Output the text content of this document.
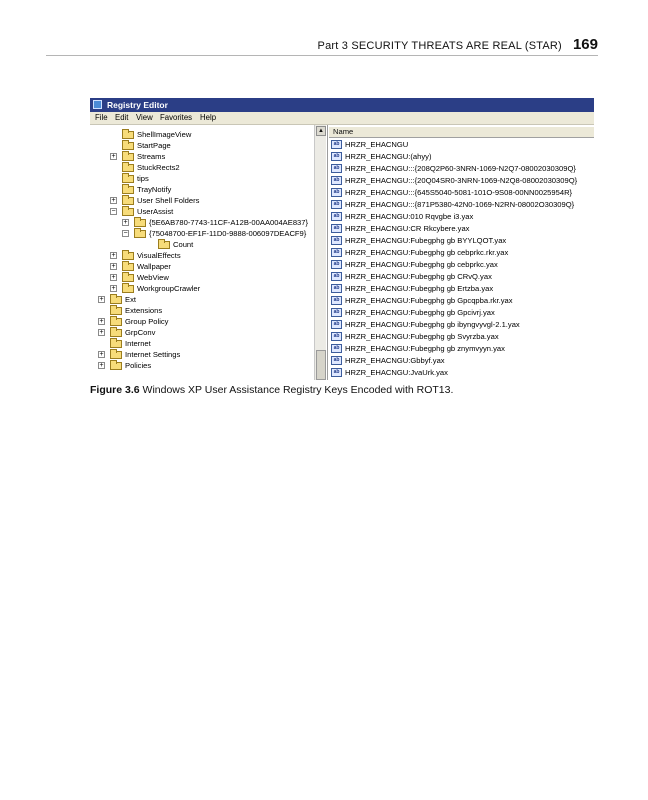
Part 3 SECURITY THREATS ARE REAL (STAR) 169
Registry Editor
File Edit View Favorites Help
ShellImageView
StartPage
+	Streams
StuckRects2
tips
TrayNotify
+	User Shell Folders
−	UserAssist
+	{5E6AB780-7743-11CF-A12B-00AA004AE837}
−	{75048700-EF1F-11D0-9888-006097DEACF9}
Count
+	VisualEffects
+	Wallpaper
+	WebView
+	WorkgroupCrawler
+	Ext
Extensions
+	Group Policy
+	GrpConv
Internet
+	Internet Settings
+	Policies
▲ Name
ab HRZR_EHACNGU
ab HRZR_EHACNGU:(ahyy)
ab HRZR_EHACNGU:::{208Q2P60-3NRN-1069-N2Q7-08002030309Q}
ab HRZR_EHACNGU:::{20Q04SR0-3NRN-1069-N2Q8-08002030309Q}
ab HRZR_EHACNGU:::{645S5040-5081-101O-9S08-00NN0025954R}
ab HRZR_EHACNGU:::{871P5380-42N0-1069-N2RN-08002O30309Q}
ab HRZR_EHACNGU:010 Rqvgbe i3.yax
ab HRZR_EHACNGU:CR Rkcybere.yax
ab HRZR_EHACNGU:Fubegphg gb BYYLQOT.yax
ab HRZR_EHACNGU:Fubegphg gb cebprkc.rkr.yax
ab HRZR_EHACNGU:Fubegphg gb cebprkc.yax
ab HRZR_EHACNGU:Fubegphg gb CRvQ.yax
ab HRZR_EHACNGU:Fubegphg gb Ertzba.yax
ab HRZR_EHACNGU:Fubegphg gb Gpcqpba.rkr.yax
ab HRZR_EHACNGU:Fubegphg gb Gpcivrj.yax
ab HRZR_EHACNGU:Fubegphg gb ibyngvyvgl-2.1.yax
ab HRZR_EHACNGU:Fubegphg gb Svyrzba.yax
ab HRZR_EHACNGU:Fubegphg gb znymvyyn.yax
ab HRZR_EHACNGU:Gbbyf.yax
ab HRZR_EHACNGU:JvaUrk.yax
Figure 3.6 Windows XP User Assistance Registry Keys Encoded with ROT13.
